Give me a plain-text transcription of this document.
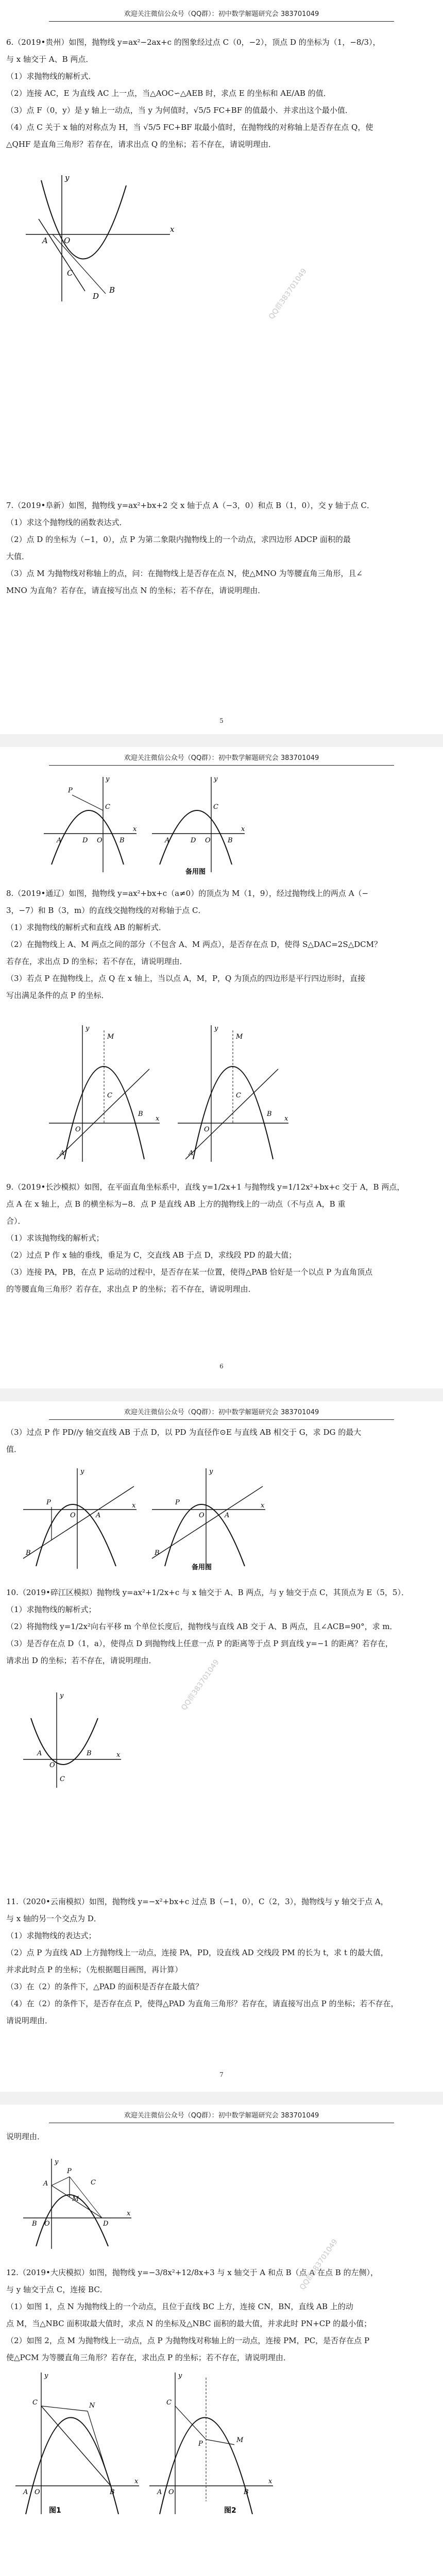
欢迎关注微信公众号（QQ群）：初中数学解题研究会 383701049

6.（2019•贵州）如图，抛物线 y=ax²−2ax+c 的图象经过点 C（0，−2），顶点 D 的坐标为（1，−8/3），

与 x 轴交于 A、B 两点．

（1）求抛物线的解析式．

（2）连接 AC，E 为直线 AC 上一点，当△AOC∽△AEB 时，求点 E 的坐标和 AE/AB 的值．

（3）点 F（0，y）是 y 轴上一动点，当 y 为何值时，√5/5 FC+BF 的值最小．并求出这个最小值．

（4）点 C 关于 x 轴的对称点为 H，当 √5/5 FC+BF 取最小值时，在抛物线的对称轴上是否存在点 Q，使

△QHF 是直角三角形？若存在，请求出点 Q 的坐标；若不存在，请说明理由．

y
x
A O
C
D
B	QQ群383701049

7.（2019•阜新）如图，抛物线 y=ax²+bx+2 交 x 轴于点 A（−3，0）和点 B（1，0），交 y 轴于点 C．

（1）求这个抛物线的函数表达式．

（2）点 D 的坐标为（−1，0），点 P 为第二象限内抛物线上的一个动点，求四边形 ADCP 面积的最

大值．

（3）点 M 为抛物线对称轴上的点，问：在抛物线上是否存在点 N，使△MNO 为等腰直角三角形，且∠

MNO 为直角？若存在，请直接写出点 N 的坐标；若不存在，请说明理由．

5
欢迎关注微信公众号（QQ群）：初中数学解题研究会 383701049
y
x
A	D O	B
C
P
y
x
A	D O	B
C
备用图

8.（2019•通辽）如图，抛物线 y=ax²+bx+c（a≠0）的顶点为 M（1，9），经过抛物线上的两点 A（−

3，−7）和 B（3，m）的直线交抛物线的对称轴于点 C．

（1）求抛物线的解析式和直线 AB 的解析式．

（2）在抛物线上 A、M 两点之间的部分（不包含 A、M 两点），是否存在点 D，使得 S△DAC=2S△DCM？

若存在，求出点 D 的坐标；若不存在，请说明理由．

（3）若点 P 在抛物线上，点 Q 在 x 轴上，当以点 A，M，P，Q 为顶点的四边形是平行四边形时，直接

写出满足条件的点 P 的坐标．

y
x
O
A
B
M
C
y
x
O
A
B
M
C

9.（2019•长沙模拟）如图，在平面直角坐标系中，直线 y=1/2x+1 与抛物线 y=1/12x²+bx+c 交于 A，B 两点，

点 A 在 x 轴上，点 B 的横坐标为−8．点 P 是直线 AB 上方的抛物线上的一动点（不与点 A，B 重

合）．

（1）求该抛物线的解析式；

（2）过点 P 作 x 轴的垂线，垂足为 C，交直线 AB 于点 D，求线段 PD 的最大值；

（3）连接 PA，PB，在点 P 运动的过程中，是否存在某一位置，使得△PAB 恰好是一个以点 P 为直角顶点

的等腰直角三角形？若存在，求出点 P 的坐标；若不存在，请说明理由．

6
欢迎关注微信公众号（QQ群）：初中数学解题研究会 383701049

（3）过点 P 作 PD//y 轴交直线 AB 于点 D，以 PD 为直径作⊙E 与直线 AB 相交于 G，求 DG 的最大

值．

y
x
O	A
B
P
y
x
O	A
B
P
备用图

10.（2019•碎江区模拟）抛物线 y=ax²+1/2x+c 与 x 轴交于 A、B 两点，与 y 轴交于点 C，其顶点为 E（5，5）．

（1）求抛物线的解析式；

（2）将抛物线 y=1/2x²向右平移 m 个单位长度后，抛物线与直线 AB 交于 A、B 两点，且∠ACB=90°，求 m．

（3）是否存在点 D（1，a），使得点 D 到抛物线上任意一点 P 的距离等于点 P 到直线 y=−1 的距离？若存在，

请求出 D 的坐标；若不存在，请说明理由．

y
x
O
A	B
C
QQ群383701049

11.（2020•云南模拟）如图，抛物线 y=−x²+bx+c 过点 B（−1，0），C（2，3），抛物线与 y 轴交于点 A，

与 x 轴的另一个交点为 D．

（1）求抛物线的表达式；

（2）点 P 为直线 AD 上方抛物线上一动点，连接 PA，PD，设直线 AD 交线段 PM 的长为 t，求 t 的最大值，

并求此时点 P 的坐标；（先根据题目画图，再计算）

（3）在（2）的条件下，△PAD 的面积是否存在最大值？

（4）在（2）的条件下，是否存在点 P，使得△PAD 为直角三角形？若存在，请直接写出点 P 的坐标；若不存在，

请说明理由．

7
欢迎关注微信公众号（QQ群）：初中数学解题研究会 383701049

说明理由．

y
x
B O	D
A	C
M
P

12.（2019•大庆模拟）如图，抛物线 y=−3/8x²+12/8x+3 与 x 轴交于 A 和点 B（点 A 在点 B 的左侧），

与 y 轴交于点 C，连接 BC．

（1）如图 1，点 N 为抛物线上的一个动点，且位于直线 BC 上方，连接 CN，BN，直线 AB 上的动

点 M，当△NBC 面积取最大值时，求点 N 的坐标及△NBC 面积的最大值，并求此时 PN+CP 的最小值；

（2）如图 2，点 M 为抛物线上一动点，点 P 为抛物线对称轴上的一动点，连接 PM，PC，是否存在点 P

使△PCM 为等腰直角三角形？若存在，求出点 P 的坐标；若不存在，请说明理由．

y
x
A O	B
C	N
图1
y
x
A O	B
C
M
P
图2
QQ群383701049
